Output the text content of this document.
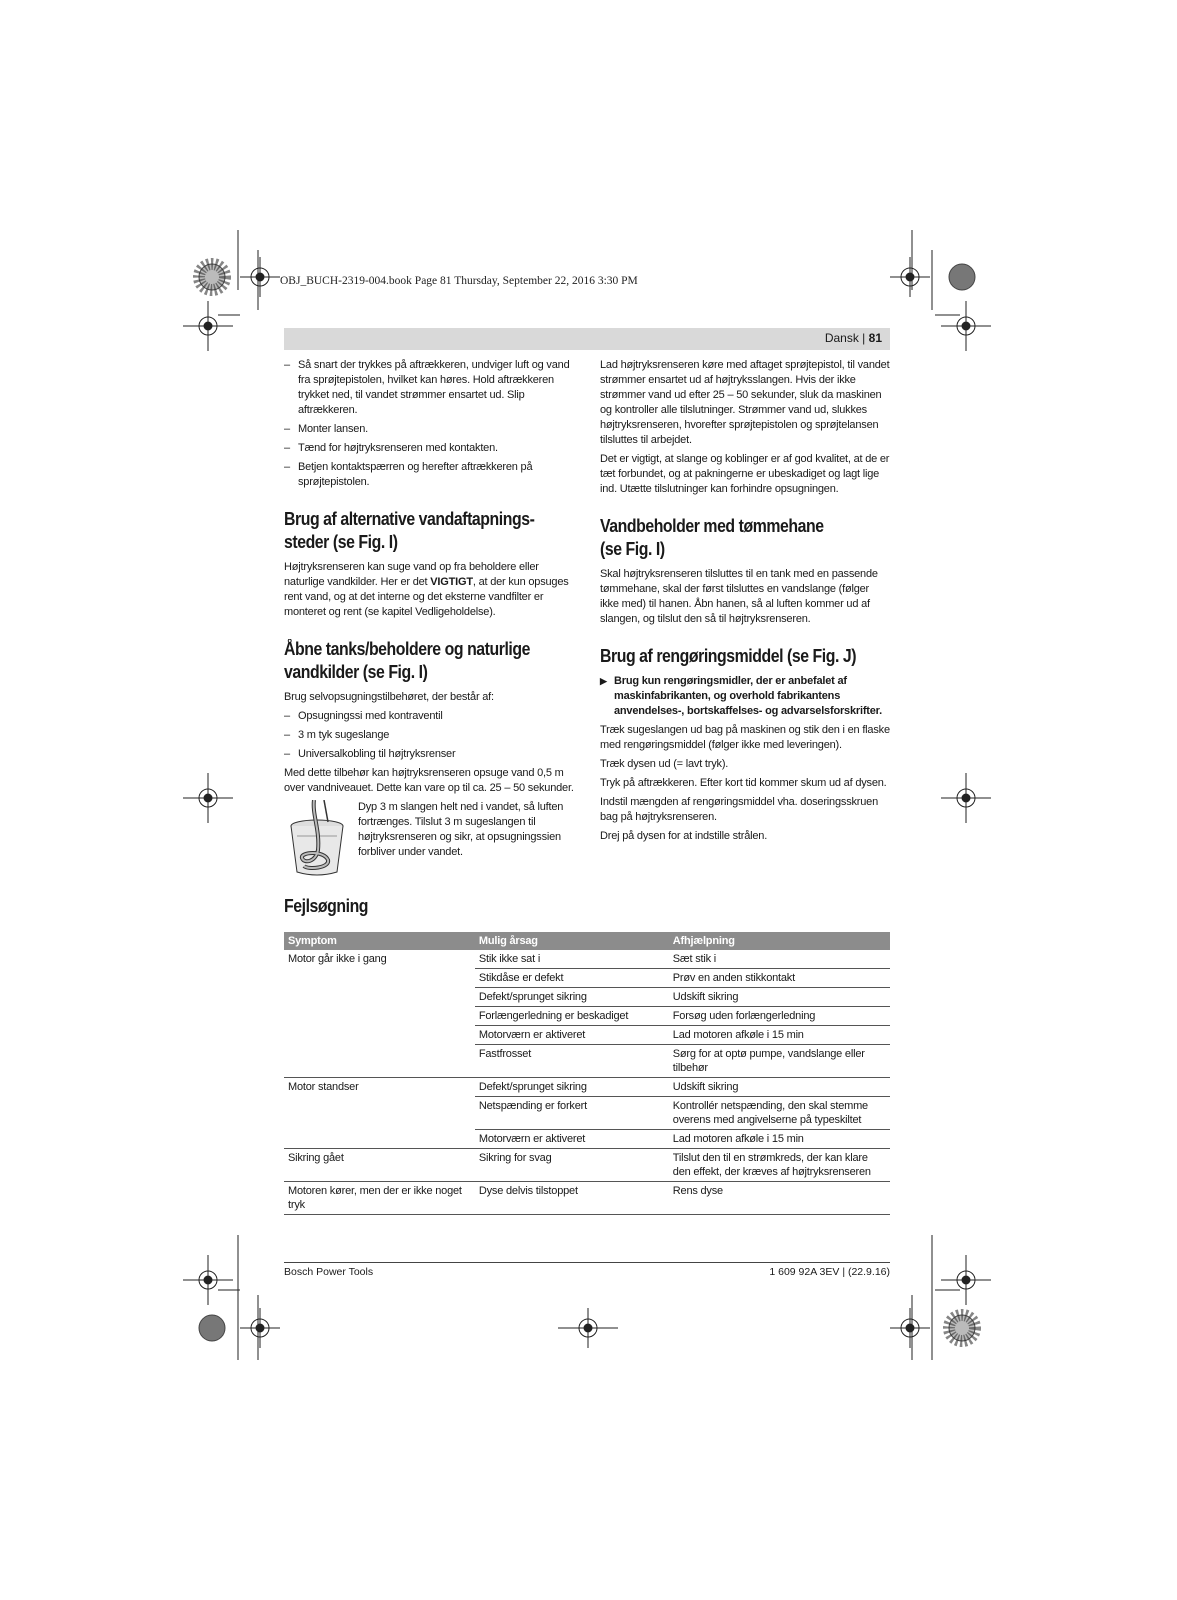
OBJ_BUCH-2319-004.book Page 81 Thursday, September 22, 2016 3:30 PM
Dansk | 81
– Så snart der trykkes på aftrækkeren, undviger luft og vand fra sprøjtepistolen, hvilket kan høres. Hold aftrækkeren trykket ned, til vandet strømmer ensartet ud. Slip aftrækkeren.
– Monter lansen.
– Tænd for højtryksrenseren med kontakten.
– Betjen kontaktspærren og herefter aftrækkeren på sprøjtepistolen.
Brug af alternative vandaftapnings-
steder (se Fig. I)

Højtryksrenseren kan suge vand op fra beholdere eller naturlige vandkilder. Her er det VIGTIGT, at der kun opsuges rent vand, og at det interne og det eksterne vandfilter er monteret og rent (se kapitel Vedligeholdelse).

Åbne tanks/beholdere og naturlige
vandkilder (se Fig. I)

Brug selvopsugningstilbehøret, der består af:

– Opsugningssi med kontraventil
– 3 m tyk sugeslange
– Universalkobling til højtryksrenser

Med dette tilbehør kan højtryksrenseren opsuge vand 0,5 m over vandniveauet. Dette kan vare op til ca. 25 – 50 sekunder.

Dyp 3 m slangen helt ned i vandet, så luften fortrænges. Tilslut 3 m sugeslangen til højtryksrenseren og sikr, at opsugningssien forbliver under vandet.

Lad højtryksrenseren køre med aftaget sprøjtepistol, til vandet strømmer ensartet ud af højtryksslangen. Hvis der ikke strømmer vand ud efter 25 – 50 sekunder, sluk da maskinen og kontroller alle tilslutninger. Strømmer vand ud, slukkes højtryksrenseren, hvorefter sprøjtepistolen og sprøjtelansen tilsluttes til arbejdet.

Det er vigtigt, at slange og koblinger er af god kvalitet, at de er tæt forbundet, og at pakningerne er ubeskadiget og lagt lige ind. Utætte tilslutninger kan forhindre opsugningen.

Vandbeholder med tømmehane
(se Fig. I)

Skal højtryksrenseren tilsluttes til en tank med en passende tømmehane, skal der først tilsluttes en vandslange (følger ikke med) til hanen. Åbn hanen, så al luften kommer ud af slangen, og tilslut den så til højtryksrenseren.

Brug af rengøringsmiddel (se Fig. J)
▶ Brug kun rengøringsmidler, der er anbefalet af maskinfabrikanten, og overhold fabrikantens anvendelses-, bortskaffelses- og advarselsforskrifter.

Træk sugeslangen ud bag på maskinen og stik den i en flaske med rengøringsmiddel (følger ikke med leveringen).

Træk dysen ud (= lavt tryk).

Tryk på aftrækkeren. Efter kort tid kommer skum ud af dysen.

Indstil mængden af rengøringsmiddel vha. doseringsskruen bag på højtryksrenseren.

Drej på dysen for at indstille strålen.

Fejlsøgning
Symptom	Mulig årsag	Afhjælpning
Motor går ikke i gang	Stik ikke sat i	Sæt stik i
	Stikdåse er defekt	Prøv en anden stikkontakt
	Defekt/sprunget sikring	Udskift sikring
	Forlængerledning er beskadiget	Forsøg uden forlængerledning
	Motorværn er aktiveret	Lad motoren afkøle i 15 min
	Fastfrosset	Sørg for at optø pumpe, vandslange eller tilbehør
Motor standser	Defekt/sprunget sikring	Udskift sikring
	Netspænding er forkert	Kontrollér netspænding, den skal stemme overens med angivelserne på typeskiltet
	Motorværn er aktiveret	Lad motoren afkøle i 15 min
Sikring gået	Sikring for svag	Tilslut den til en strømkreds, der kan klare den effekt, der kræves af højtryksrenseren
Motoren kører, men der er ikke noget tryk	Dyse delvis tilstoppet	Rens dyse
Bosch Power Tools	1 609 92A 3EV | (22.9.16)
